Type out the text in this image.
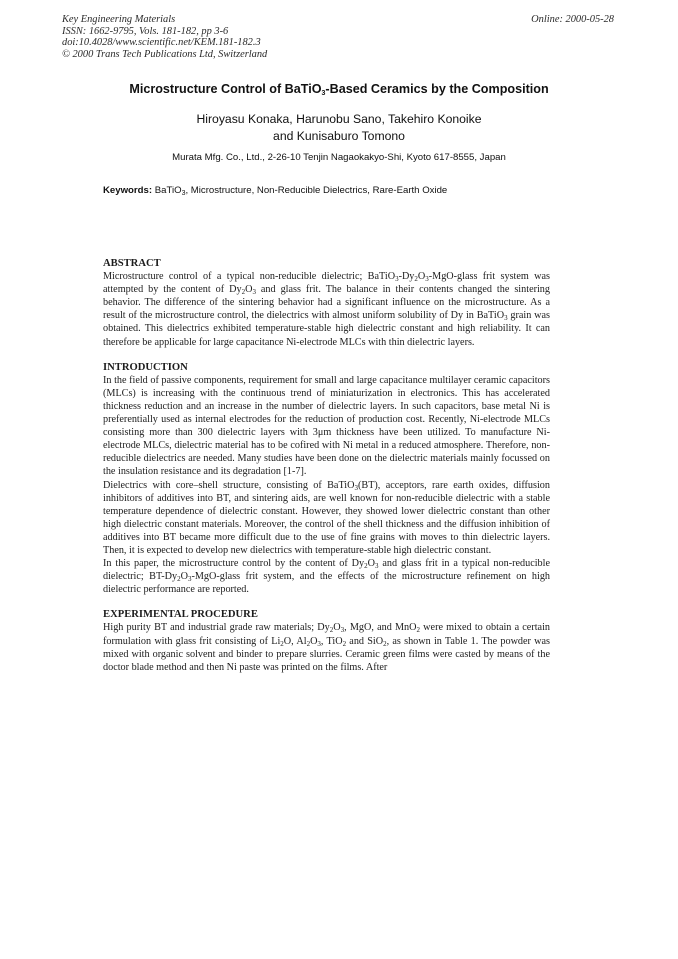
Key Engineering Materials
ISSN: 1662-9795, Vols. 181-182, pp 3-6
doi:10.4028/www.scientific.net/KEM.181-182.3
© 2000 Trans Tech Publications Ltd, Switzerland
Online: 2000-05-28
Microstructure Control of BaTiO$_3$-Based Ceramics by the Composition
Hiroyasu Konaka, Harunobu Sano, Takehiro Konoike
and Kunisaburo Tomono
Murata Mfg. Co., Ltd., 2-26-10 Tenjin Nagaokakyo-Shi, Kyoto 617-8555, Japan
Keywords: BaTiO$_3$, Microstructure, Non-Reducible Dielectrics, Rare-Earth Oxide
ABSTRACT

Microstructure control of a typical non-reducible dielectric; $BaTiO_3-Dy_2O_3-MgO$-glass frit system was attempted by the content of $Dy_2O_3$ and glass frit. The balance in their contents changed the sintering behavior. The difference of the sintering behavior had a significant influence on the microstructure. As a result of the microstructure control, the dielectrics with almost uniform solubility of Dy in BaTiO$_3$ grain was obtained. This dielectrics exhibited temperature-stable high dielectric constant and high reliability. It can therefore be applicable for large capacitance Ni-electrode MLCs with thin dielectric layers.

INTRODUCTION

In the field of passive components, requirement for small and large capacitance multilayer ceramic capacitors (MLCs) is increasing with the continuous trend of miniaturization in electronics. This has accelerated thickness reduction and an increase in the number of dielectric layers. In such capacitors, base metal Ni is preferentially used as internal electrodes for the reduction of production cost. Recently, Ni-electrode MLCs consisting more than 300 dielectric layers with 3μm thickness have been utilized. To manufacture Ni-electrode MLCs, dielectric material has to be cofired with Ni metal in a reduced atmosphere. Therefore, non-reducible dielectrics are needed. Many studies have been done on the dielectric materials mainly focussed on the insulation resistance and its degradation [1-7].

Dielectrics with core–shell structure, consisting of BaTiO$_3$(BT), acceptors, rare earth oxides, diffusion inhibitors of additives into BT, and sintering aids, are well known for non-reducible dielectric with a stable temperature dependence of dielectric constant. However, they showed lower dielectric constant than other high dielectric constant materials. Moreover, the control of the shell thickness and the diffusion inhibition of additives into BT became more difficult due to the use of fine grains with moves to thin dielectric layers. Then, it is expected to develop new dielectrics with temperature-stable high dielectric constant.

In this paper, the microstructure control by the content of $Dy_2O_3$ and glass frit in a typical non-reducible dielectric; $BT-Dy_2O_3-MgO$-glass frit system, and the effects of the microstructure refinement on high dielectric performance are reported.

EXPERIMENTAL PROCEDURE

High purity BT and industrial grade raw materials; $Dy_2O_3$, MgO, and MnO$_2$ were mixed to obtain a certain formulation with glass frit consisting of $Li_2O$, $Al_2O_3$, TiO$_2$ and SiO$_2$, as shown in Table 1. The powder was mixed with organic solvent and binder to prepare slurries. Ceramic green films were casted by means of the doctor blade method and then Ni paste was printed on the films. After
